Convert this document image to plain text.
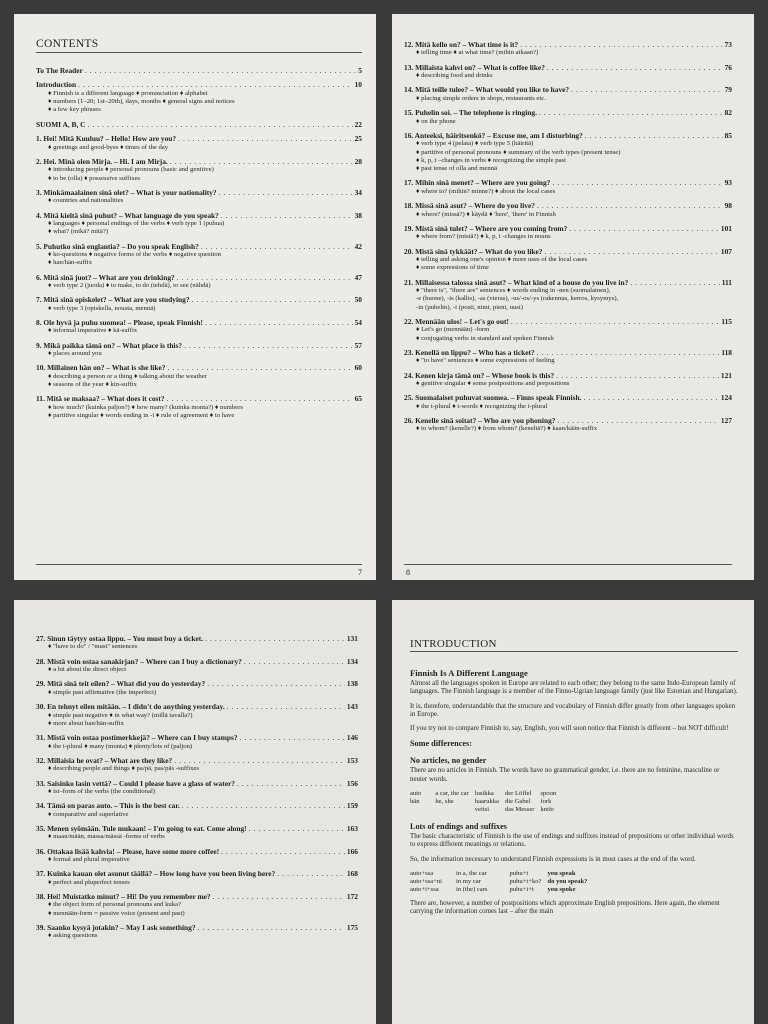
CONTENTS
To The Reader . . .	5
Introduction . . .	10
♦ Finnish is a different language ♦ pronunciation ♦ alphabet
♦ numbers (1–20; 1st–20th), days, months ♦ general signs and notices
♦ a few key phrases
SUOMI A, B, C . . .	22
1. Hei! Mitä Kuuluu? – Hello! How are you? . . .	25
♦ greetings and good-byes ♦ times of the day
2. Hei. Minä olen Mirja. – Hi. I am Mirja. . . .	28
♦ introducing people ♦ personal pronouns (basic and genitive)
♦ to be (olla) ♦ possessive suffixes
3. Minkämaalainen sinä olet? – What is your nationality? . . .	34
♦ countries and nationalities
4. Mitä kieltä sinä puhut? – What language do you speak? . . .	38
♦ languages ♦ personal endings of the verbs ♦ verb type 1 (puhua)
♦ what? (mikä? mitä?)
5. Puhutko sinä englantia? – Do you speak English? . . .	42
♦ ko-questions ♦ negative forms of the verbs ♦ negative question
♦ han/hän-suffix
6. Mitä sinä juot? – What are you drinking? . . .	47
♦ verb type 2 (juoda) ♦ to make, to do (tehdä), to see (nähdä)
7. Mitä sinä opiskelet? – What are you studying? . . .	50
♦ verb type 3 (opiskella, nousta, mennä)
8. Ole hyvä ja puhu suomea! – Please, speak Finnish! . . .	54
♦ informal imperative ♦ kä-suffix
9. Mikä paikka tämä on? – What place is this? . . .	57
♦ places around you
10. Millainen hän on? – What is she like? . . .	60
♦ describing a person or a thing ♦ talking about the weather
♦ seasons of the year ♦ kin-suffix
11. Mitä se maksaa? – What does it cost? . . .	65
♦ how much? (kuinka paljon?) ♦ how many? (kuinka monta?) ♦ numbers
♦ partitive singular ♦ words ending in -i ♦ rule of agreement ♦ to have
7
12. Mitä kello on? – What time is it? . . .	73
♦ telling time ♦ at what time? (mihin aikaan?)
13. Millaista kahvi on? – What is coffee like? . . .	76
♦ describing food and drinks
14. Mitä teille tulee? – What would you like to have? . . .	79
♦ placing simple orders in shops, restaurants etc.
15. Puhelin soi. – The telephone is ringing. . . .	82
♦ on the phone
16. Anteeksi, häiritsenkö? – Excuse me, am I disturbing? . . .	85
♦ verb type 4 (pelata) ♦ verb type 5 (häiritä)
♦ partitive of personal pronouns ♦ summary of the verb types (present tense)
♦ k, p, t –changes in verbs ♦ recognizing the simple past
♦ past tense of olla and mennä
17. Mihin sinä menet? – Where are you going? . . .	93
♦ where to? (mihin? minne?) ♦ about the local cases
18. Missä sinä asut? – Where do you live? . . .	98
♦ where? (missä?) ♦ käydä ♦ 'here', 'there' in Finnish
19. Mistä sinä tulet? – Where are you coming from? . . .	101
♦ where from? (mistä?) ♦ k, p, t -changes in nouns
20. Mistä sinä tykkäät? – What do you like? . . .	107
♦ telling and asking one's opinion ♦ more uses of the local cases
♦ some expressions of time
21. Millaisessa talossa sinä asut? – What kind of a house do you live in? . . .	111
♦ "there is", "there are" sentences ♦ words ending in -nen (suomalainen),
-e (huone), -is (kallis), -as (vieras), -us/-os/-ys (rakennus, kerros, kysymys),
-in (puhelin), -i (posti, nimi, pieni, uusi)
22. Mennään ulos! – Let's go out! . . .	115
♦ Let's go (mennään) -form
♦ conjugating verbs in standard and spoken Finnish
23. Kenellä on lippu? – Who has a ticket? . . .	118
♦ "to have" sentences ♦ some expressions of feeling
24. Kenen kirja tämä on? – Whose book is this? . . .	121
♦ genitive singular ♦ some postpositions and prepositions
25. Suomalaiset puhuvat suomea. – Finns speak Finnish. . . .	124
♦ the t-plural ♦ t-words ♦ recognizing the i-plural
26. Kenelle sinä soitat? – Who are you phoning? . . .	127
♦ to whom? (kenelle?) ♦ from whom? (keneltä?) ♦ kaan/kään-suffix
8
27. Sinun täytyy ostaa lippu. – You must buy a ticket. . . .	131
♦ "have to do" / "must" sentences
28. Mistä voin ostaa sanakirjan? – Where can I buy a dictionary? . . .	134
♦ a bit about the direct object
29. Mitä sinä teit eilen? – What did you do yesterday? . . .	138
♦ simple past affirmative (the imperfect)
30. En tehnyt eilen mitään. – I didn't do anything yesterday. . . .	143
♦ simple past negative ♦ in what way? (millä tavalla?)
♦ more about han/hän-suffix
31. Mistä voin ostaa postimerkkejä? – Where can I buy stamps? . . .	146
♦ the i-plural ♦ many (monta) ♦ plenty/lots of (paljon)
32. Millaisia he ovat? – What are they like? . . .	153
♦ describing people and things ♦ pa/pä, pas/päs -suffixes
33. Saisinko lasin vettä? – Could I please have a glass of water? . . .	156
♦ isi–form of the verbs (the conditional)
34. Tämä on paras auto. – This is the best car. . . .	159
♦ comparative and superlative
35. Menen syömään. Tule mukaan! – I'm going to eat. Come along! . . .	163
♦ maan/mään, massa/mässä -forms of verbs
36. Ottakaa lisää kahvia! – Please, have some more coffee! . . .	166
♦ formal and plural imperative
37. Kuinka kauan olet asunut täällä? – How long have you been living here? . . .	168
♦ perfect and pluperfect tenses
38. Hei! Muistatko minut? – Hi! Do you remember me? . . .	172
♦ the object form of personal pronouns and kuka?
♦ mennään-form = passive voice (present and past)
39. Saanko kysyä jotakin? – May I ask something? . . .	175
♦ asking questions
INTRODUCTION
Finnish Is A Different Language
Almost all the languages spoken in Europe are related to each other; they belong to the same Indo-European family of languages. The Finnish language is a member of the Finno-Ugrian language family (just like Estonian and Hungarian).
It is, therefore, understandable that the structure and vocabulary of Finnish differ greatly from other languages spoken in Europe.
If you try not to compare Finnish to, say, English, you will soon notice that Finnish is different – but NOT difficult!
Some differences:
No articles, no gender
There are no articles in Finnish. The words have no grammatical gender, i.e. there are no feminine, masculine or neuter words.
auto	a car, the car	lusikka	der Löffel	spoon
hän	he, she	haarukka	die Gabel	fork
		veitsi	das Messer	knife
Lots of endings and suffixes
The basic characteristic of Finnish is the use of endings and suffixes instead of prepositions or other individual words to express different meanings or relations.
So, the information necessary to understand Finnish expressions is in most cases at the end of the word.
auto+ssa	in a, the car	puhu+t	you speak
auto+ssa+ni	in my car	puhu+t+ko?	do you speak?
auto+i+ssa	in (the) cars	puhu+i+t	you spoke
There are, however, a number of postpositions which approximate English prepositions. Here again, the element carrying the information comes last – after the main
